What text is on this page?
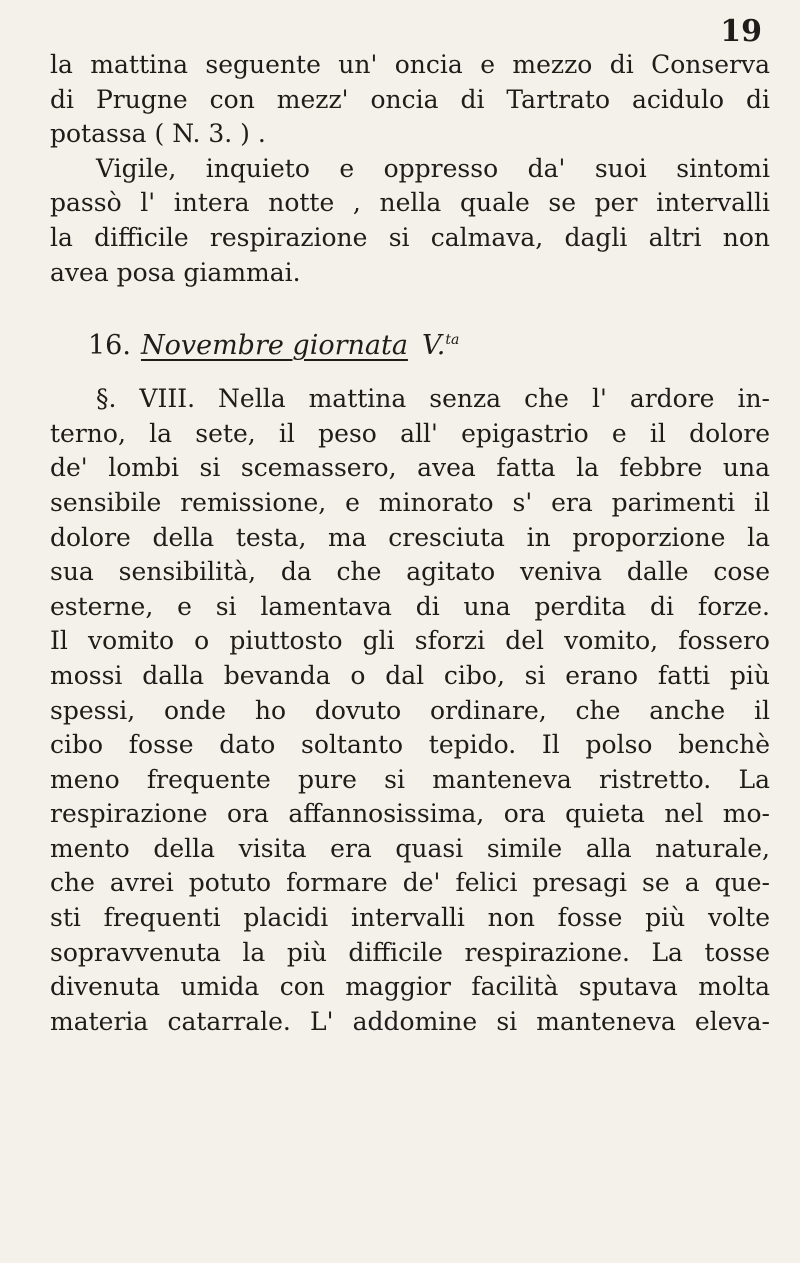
19
la mattina seguente un' oncia e mezzo di Conserva
di Prugne con mezz' oncia di Tartrato acidulo di
potassa ( N. 3. ) .
Vigile, inquieto e oppresso da' suoi sintomi
passò l' intera notte , nella quale se per intervalli
la difficile respirazione si calmava, dagli altri non
avea posa giammai.
16. Novembre giornata V.$^{ta}$
§. VIII. Nella mattina senza che l' ardore in-
terno, la sete, il peso all' epigastrio e il dolore
de' lombi si scemassero, avea fatta la febbre una
sensibile remissione, e minorato s' era parimenti il
dolore della testa, ma cresciuta in proporzione la
sua sensibilità, da che agitato veniva dalle cose
esterne, e si lamentava di una perdita di forze.
Il vomito o piuttosto gli sforzi del vomito, fossero
mossi dalla bevanda o dal cibo, si erano fatti più
spessi, onde ho dovuto ordinare, che anche il
cibo fosse dato soltanto tepido. Il polso benchè
meno frequente pure si manteneva ristretto. La
respirazione ora affannosissima, ora quieta nel mo-
mento della visita era quasi simile alla naturale,
che avrei potuto formare de' felici presagi se a que-
sti frequenti placidi intervalli non fosse più volte
sopravvenuta la più difficile respirazione. La tosse
divenuta umida con maggior facilità sputava molta
materia catarrale. L' addomine si manteneva eleva-
